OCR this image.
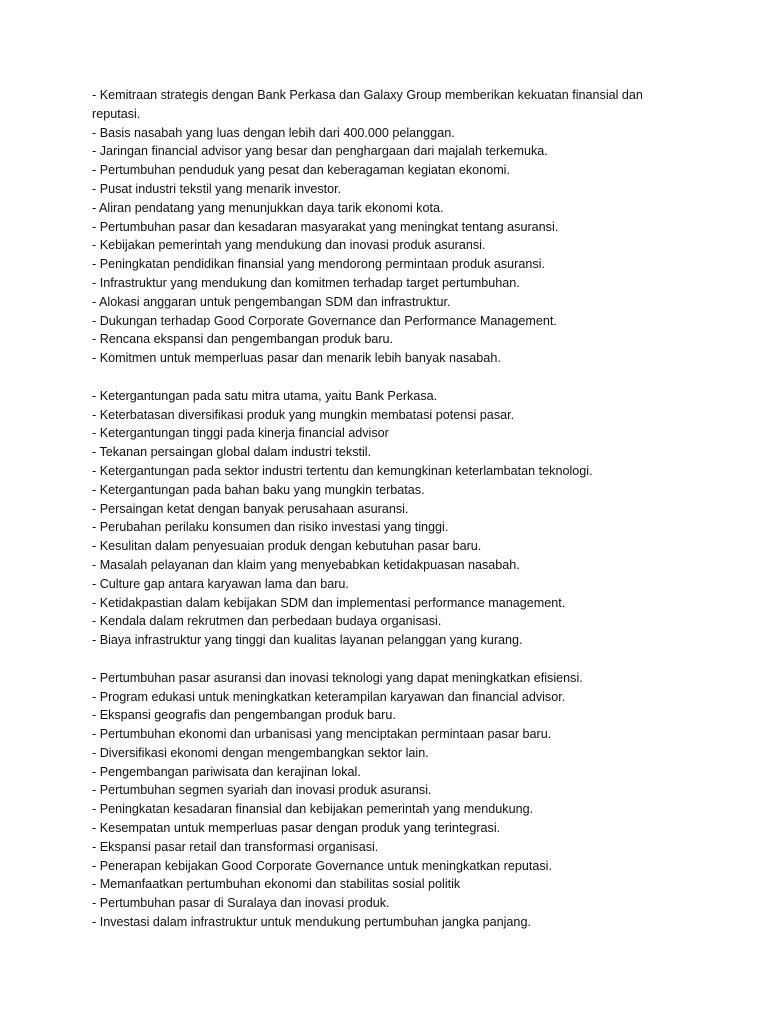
- Kemitraan strategis dengan Bank Perkasa dan Galaxy Group memberikan kekuatan finansial dan reputasi.
- Basis nasabah yang luas dengan lebih dari 400.000 pelanggan.
- Jaringan financial advisor yang besar dan penghargaan dari majalah terkemuka.
- Pertumbuhan penduduk yang pesat dan keberagaman kegiatan ekonomi.
- Pusat industri tekstil yang menarik investor.
- Aliran pendatang yang menunjukkan daya tarik ekonomi kota.
- Pertumbuhan pasar dan kesadaran masyarakat yang meningkat tentang asuransi.
- Kebijakan pemerintah yang mendukung dan inovasi produk asuransi.
- Peningkatan pendidikan finansial yang mendorong permintaan produk asuransi.
- Infrastruktur yang mendukung dan komitmen terhadap target pertumbuhan.
- Alokasi anggaran untuk pengembangan SDM dan infrastruktur.
- Dukungan terhadap Good Corporate Governance dan Performance Management.
- Rencana ekspansi dan pengembangan produk baru.
- Komitmen untuk memperluas pasar dan menarik lebih banyak nasabah.
- Ketergantungan pada satu mitra utama, yaitu Bank Perkasa.
- Keterbatasan diversifikasi produk yang mungkin membatasi potensi pasar.
- Ketergantungan tinggi pada kinerja financial advisor
- Tekanan persaingan global dalam industri tekstil.
- Ketergantungan pada sektor industri tertentu dan kemungkinan keterlambatan teknologi.
- Ketergantungan pada bahan baku yang mungkin terbatas.
- Persaingan ketat dengan banyak perusahaan asuransi.
- Perubahan perilaku konsumen dan risiko investasi yang tinggi.
- Kesulitan dalam penyesuaian produk dengan kebutuhan pasar baru.
- Masalah pelayanan dan klaim yang menyebabkan ketidakpuasan nasabah.
- Culture gap antara karyawan lama dan baru.
- Ketidakpastian dalam kebijakan SDM dan implementasi performance management.
- Kendala dalam rekrutmen dan perbedaan budaya organisasi.
- Biaya infrastruktur yang tinggi dan kualitas layanan pelanggan yang kurang.
- Pertumbuhan pasar asuransi dan inovasi teknologi yang dapat meningkatkan efisiensi.
- Program edukasi untuk meningkatkan keterampilan karyawan dan financial advisor.
- Ekspansi geografis dan pengembangan produk baru.
- Pertumbuhan ekonomi dan urbanisasi yang menciptakan permintaan pasar baru.
- Diversifikasi ekonomi dengan mengembangkan sektor lain.
- Pengembangan pariwisata dan kerajinan lokal.
- Pertumbuhan segmen syariah dan inovasi produk asuransi.
- Peningkatan kesadaran finansial dan kebijakan pemerintah yang mendukung.
- Kesempatan untuk memperluas pasar dengan produk yang terintegrasi.
- Ekspansi pasar retail dan transformasi organisasi.
- Penerapan kebijakan Good Corporate Governance untuk meningkatkan reputasi.
- Memanfaatkan pertumbuhan ekonomi dan stabilitas sosial politik
- Pertumbuhan pasar di Suralaya dan inovasi produk.
- Investasi dalam infrastruktur untuk mendukung pertumbuhan jangka panjang.
